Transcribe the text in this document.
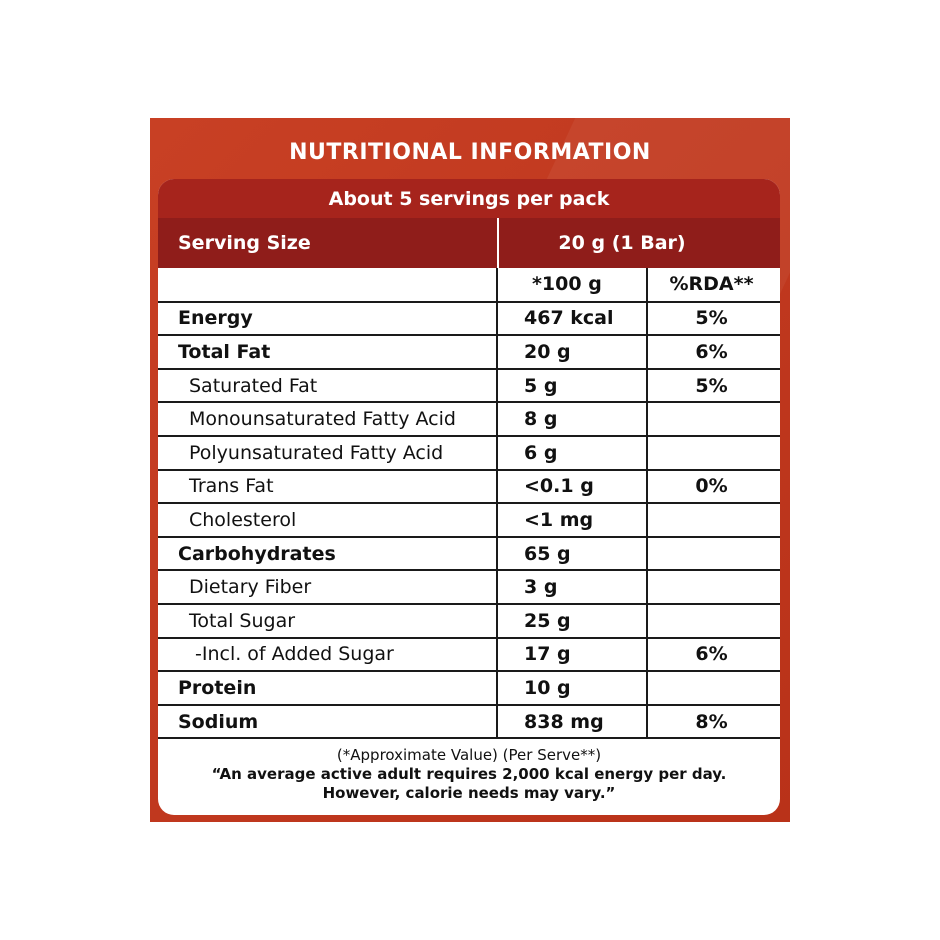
NUTRITIONAL INFORMATION
About 5 servings per pack
Serving Size	20 g (1 Bar)
	*100 g	%RDA**
Energy	467 kcal	5%
Total Fat	20 g	6%
Saturated Fat	5 g	5%
Monounsaturated Fatty Acid	8 g	
Polyunsaturated Fatty Acid	6 g	
Trans Fat	<0.1 g	0%
Cholesterol	<1 mg	
Carbohydrates	65 g	
Dietary Fiber	3 g	
Total Sugar	25 g	
-Incl. of Added Sugar	17 g	6%
Protein	10 g	
Sodium	838 mg	8%
(*Approximate Value) (Per Serve**)
“An average active adult requires 2,000 kcal energy per day.
However, calorie needs may vary.”
